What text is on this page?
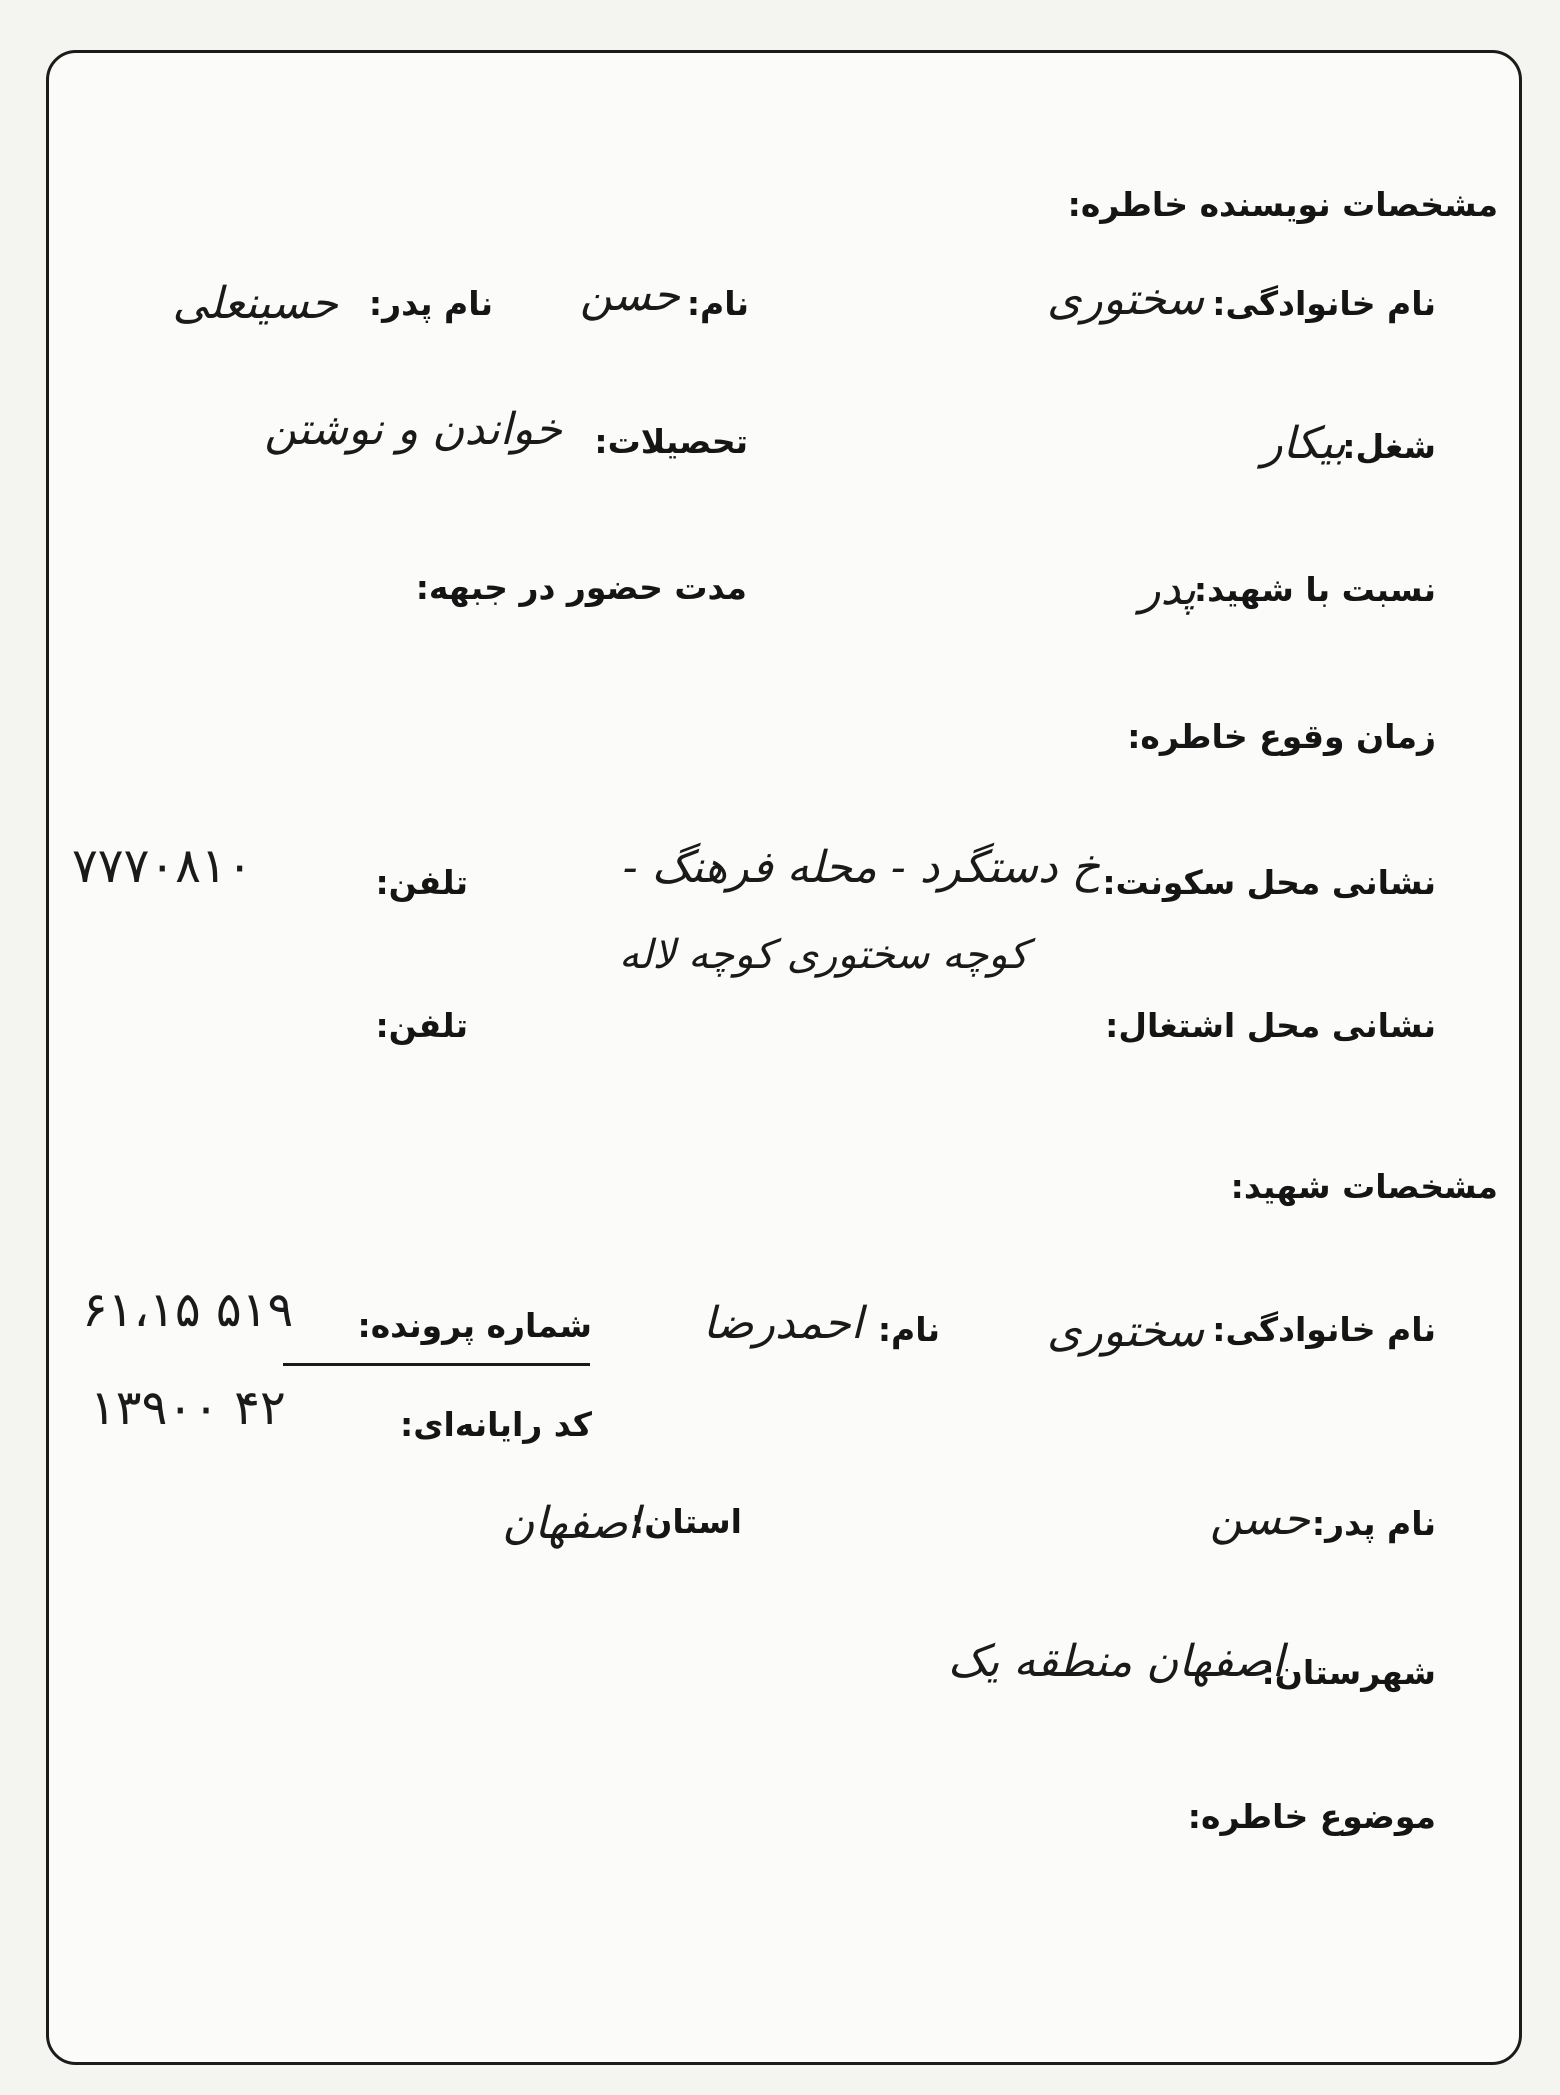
مشخصات نویسنده خاطره:
نام خانوادگی:
سختوری
نام:
حسن
نام پدر:
حسینعلی
شغل:
بیکار
تحصیلات:
خواندن و نوشتن
نسبت با شهید:
پدر
مدت حضور در جبهه:
زمان وقوع خاطره:
نشانی محل سکونت:
خ دستگرد - محله فرهنگ -
کوچه سختوری کوچه لاله
تلفن:
۷۷۷۰۸۱۰
نشانی محل اشتغال:
تلفن:
مشخصات شهید:
نام خانوادگی:
سختوری
نام:
احمدرضا
شماره پرونده:
۶۱،۱۵ ۵۱۹
کد رایانه‌ای:
۱۳۹۰۰ ۴۲
نام پدر:
حسن
استان:
اصفهان
شهرستان:
اصفهان منطقه یک
موضوع خاطره:
